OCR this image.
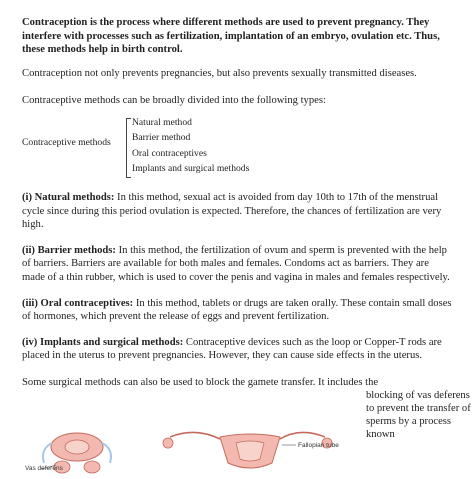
Contraception is the process where different methods are used to prevent pregnancy. They interfere with processes such as fertilization, implantation of an embryo, ovulation etc. Thus, these methods help in birth control.

Contraception not only prevents pregnancies, but also prevents sexually transmitted diseases.

Contraceptive methods can be broadly divided into the following types:

Contraceptive methods
Natural method
Barrier method
Oral contraceptives
Implants and surgical methods

(i) Natural methods: In this method, sexual act is avoided from day 10th to 17th of the menstrual cycle since during this period ovulation is expected. Therefore, the chances of fertilization are very high.

(ii) Barrier methods: In this method, the fertilization of ovum and sperm is prevented with the help of barriers. Barriers are available for both males and females. Condoms act as barriers. They are made of a thin rubber, which is used to cover the penis and vagina in males and females respectively.

(iii) Oral contraceptives: In this method, tablets or drugs are taken orally. These contain small doses of hormones, which prevent the release of eggs and prevent fertilization.

(iv) Implants and surgical methods: Contraceptive devices such as the loop or Copper-T rods are placed in the uterus to prevent pregnancies. However, they can cause side effects in the uterus.

Some surgical methods can also be used to block the gamete transfer. It includes the

blocking of vas deferens to prevent the transfer of sperms by a process known

Vas deferens
Fallopian tube
